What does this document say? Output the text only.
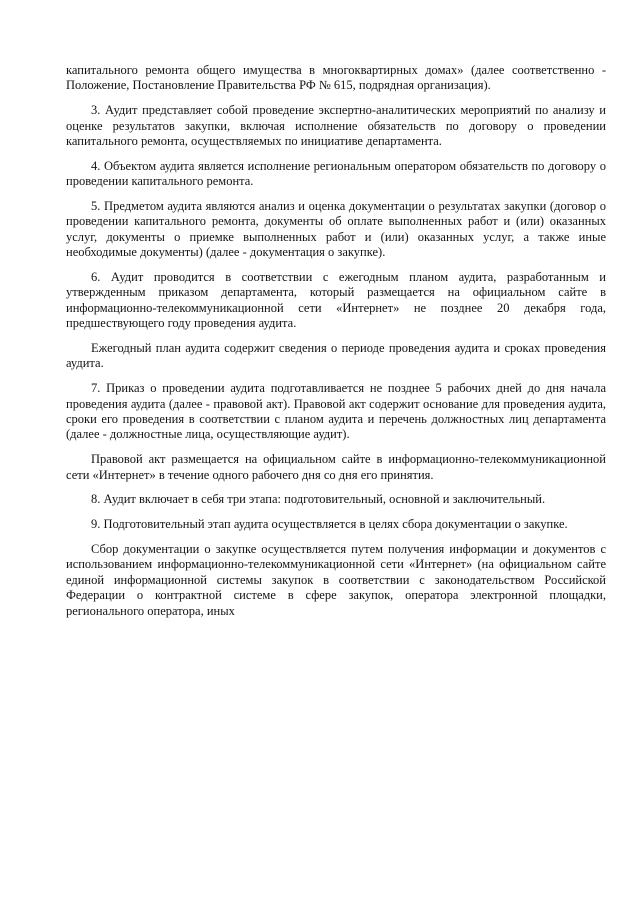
капитального ремонта общего имущества в многоквартирных домах» (далее соответственно - Положение, Постановление Правительства РФ № 615, подрядная организация).

3. Аудит представляет собой проведение экспертно-аналитических мероприятий по анализу и оценке результатов закупки, включая исполнение обязательств по договору о проведении капитального ремонта, осуществляемых по инициативе департамента.

4. Объектом аудита является исполнение региональным оператором обязательств по договору о проведении капитального ремонта.

5. Предметом аудита являются анализ и оценка документации о результатах закупки (договор о проведении капитального ремонта, документы об оплате выполненных работ и (или) оказанных услуг, документы о приемке выполненных работ и (или) оказанных услуг, а также иные необходимые документы) (далее - документация о закупке).

6. Аудит проводится в соответствии с ежегодным планом аудита, разработанным и утвержденным приказом департамента, который размещается на официальном сайте в информационно-телекоммуникационной сети «Интернет» не позднее 20 декабря года, предшествующего году проведения аудита.

Ежегодный план аудита содержит сведения о периоде проведения аудита и сроках проведения аудита.

7. Приказ о проведении аудита подготавливается не позднее 5 рабочих дней до дня начала проведения аудита (далее - правовой акт). Правовой акт содержит основание для проведения аудита, сроки его проведения в соответствии с планом аудита и перечень должностных лиц департамента (далее - должностные лица, осуществляющие аудит).

Правовой акт размещается на официальном сайте в информационно-телекоммуникационной сети «Интернет» в течение одного рабочего дня со дня его принятия.

8. Аудит включает в себя три этапа: подготовительный, основной и заключительный.

9. Подготовительный этап аудита осуществляется в целях сбора документации о закупке.

Сбор документации о закупке осуществляется путем получения информации и документов с использованием информационно-телекоммуникационной сети «Интернет» (на официальном сайте единой информационной системы закупок в соответствии с законодательством Российской Федерации о контрактной системе в сфере закупок, оператора электронной площадки, регионального оператора, иных
